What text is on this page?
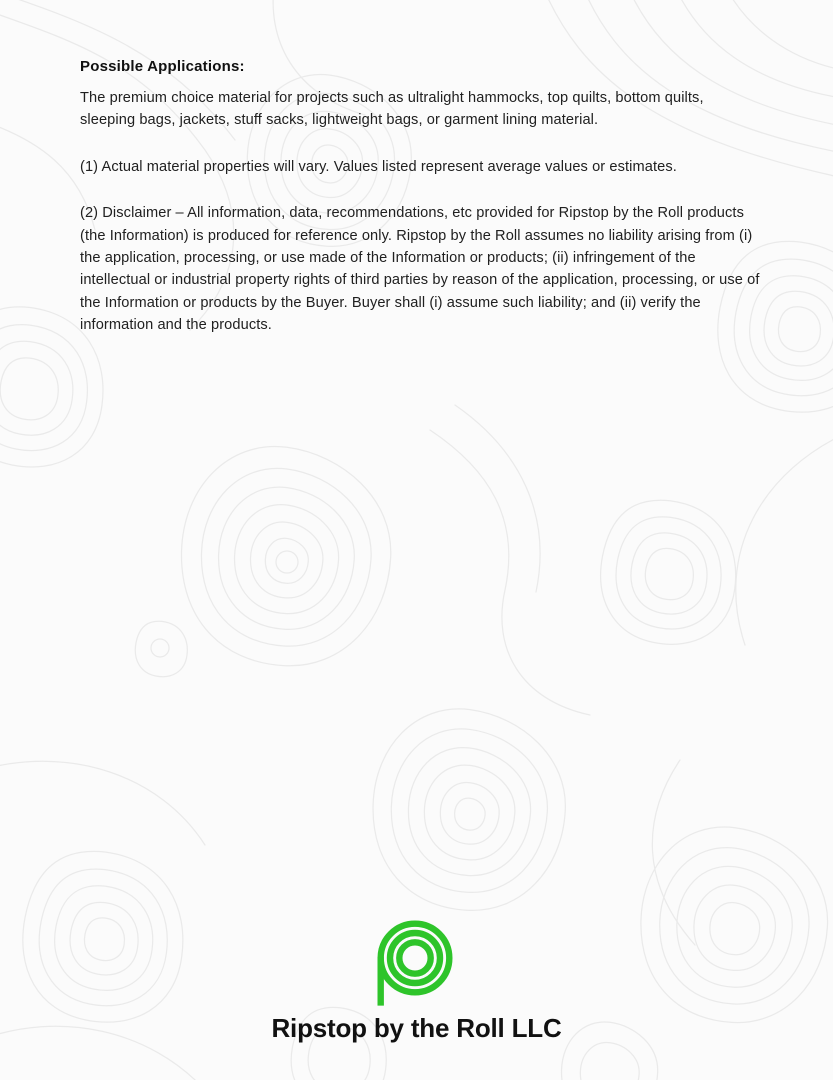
Possible Applications:

The premium choice material for projects such as ultralight hammocks, top quilts, bottom quilts, sleeping bags, jackets, stuff sacks, lightweight bags, or garment lining material.

(1) Actual material properties will vary. Values listed represent average values or estimates.

(2) Disclaimer – All information, data, recommendations, etc provided for Ripstop by the Roll products (the Information) is produced for reference only. Ripstop by the Roll assumes no liability arising from (i) the application, processing, or use made of the Information or products; (ii) infringement of the intellectual or industrial property rights of third parties by reason of the application, processing, or use of the Information or products by the Buyer. Buyer shall (i) assume such liability; and (ii) verify the information and the products.

Ripstop by the Roll LLC
